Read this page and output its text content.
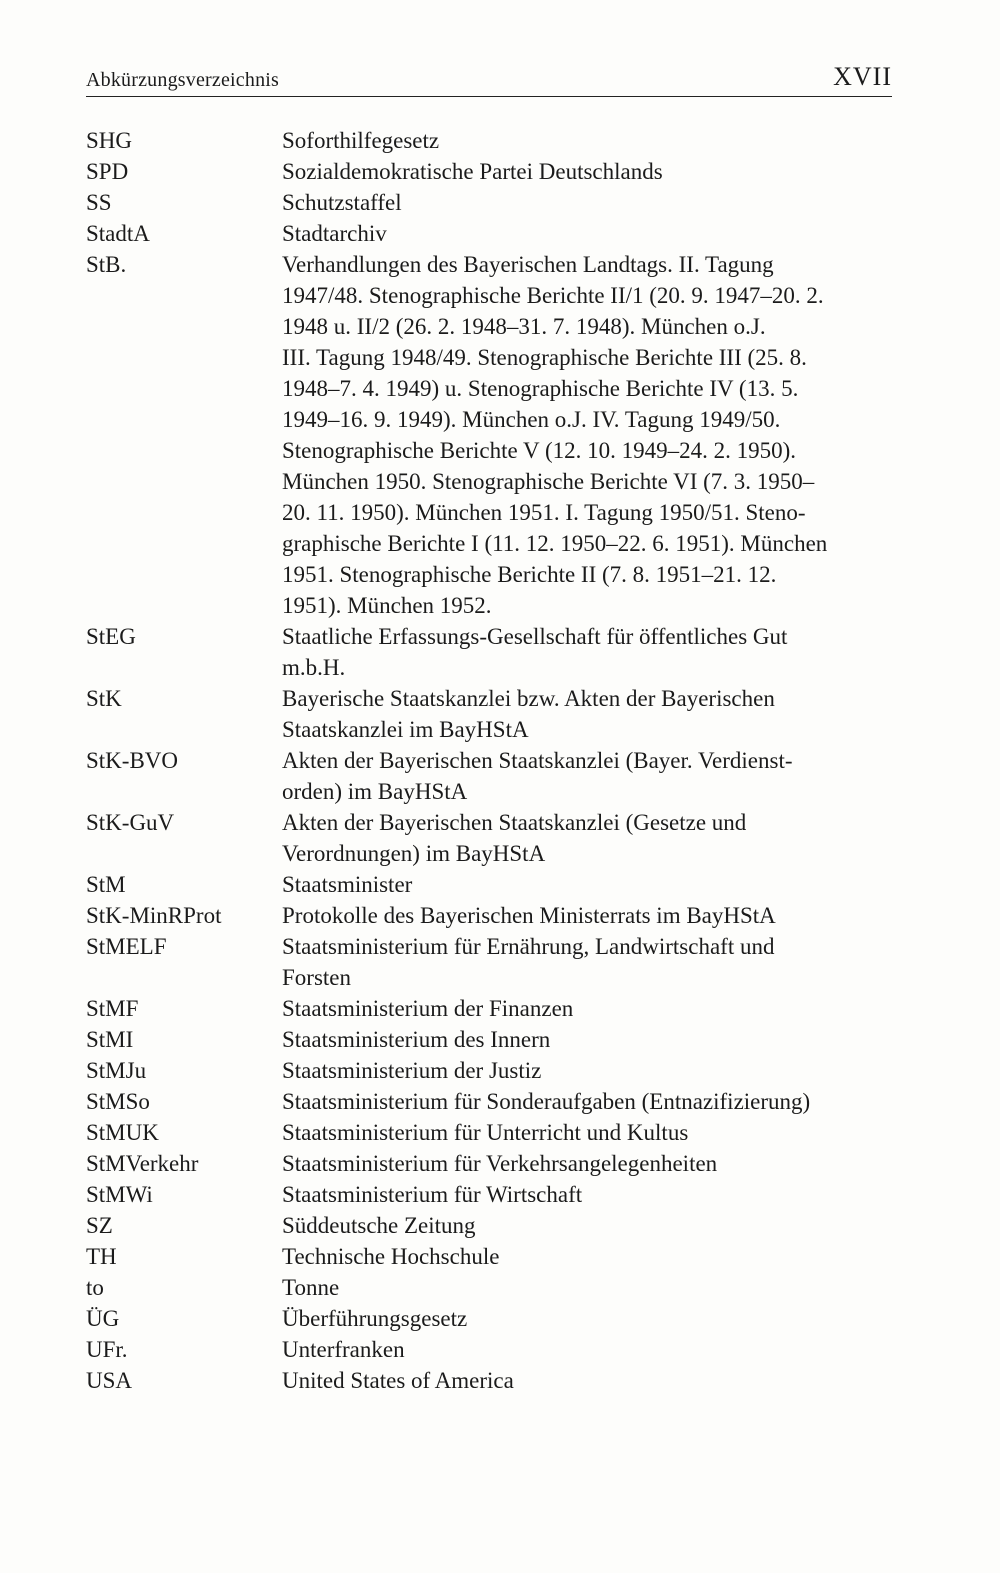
Abkürzungsverzeichnis	XVII
SHG	Soforthilfegesetz
SPD	Sozialdemokratische Partei Deutschlands
SS	Schutzstaffel
StadtA	Stadtarchiv
StB.	Verhandlungen des Bayerischen Landtags. II. Tagung
1947/48. Stenographische Berichte II/1 (20. 9. 1947–20. 2.
1948 u. II/2 (26. 2. 1948–31. 7. 1948). München o.J.
III. Tagung 1948/49. Stenographische Berichte III (25. 8.
1948–7. 4. 1949) u. Stenographische Berichte IV (13. 5.
1949–16. 9. 1949). München o.J. IV. Tagung 1949/50.
Stenographische Berichte V (12. 10. 1949–24. 2. 1950).
München 1950. Stenographische Berichte VI (7. 3. 1950–
20. 11. 1950). München 1951. I. Tagung 1950/51. Steno-
graphische Berichte I (11. 12. 1950–22. 6. 1951). München
1951. Stenographische Berichte II (7. 8. 1951–21. 12.
1951). München 1952.
StEG	Staatliche Erfassungs-Gesellschaft für öffentliches Gut
m.b.H.
StK	Bayerische Staatskanzlei bzw. Akten der Bayerischen
Staatskanzlei im BayHStA
StK-BVO	Akten der Bayerischen Staatskanzlei (Bayer. Verdienst-
orden) im BayHStA
StK-GuV	Akten der Bayerischen Staatskanzlei (Gesetze und
Verordnungen) im BayHStA
StM	Staatsminister
StK-MinRProt	Protokolle des Bayerischen Ministerrats im BayHStA
StMELF	Staatsministerium für Ernährung, Landwirtschaft und
Forsten
StMF	Staatsministerium der Finanzen
StMI	Staatsministerium des Innern
StMJu	Staatsministerium der Justiz
StMSo	Staatsministerium für Sonderaufgaben (Entnazifizierung)
StMUK	Staatsministerium für Unterricht und Kultus
StMVerkehr	Staatsministerium für Verkehrsangelegenheiten
StMWi	Staatsministerium für Wirtschaft
SZ	Süddeutsche Zeitung
TH	Technische Hochschule
to	Tonne
ÜG	Überführungsgesetz
UFr.	Unterfranken
USA	United States of America
